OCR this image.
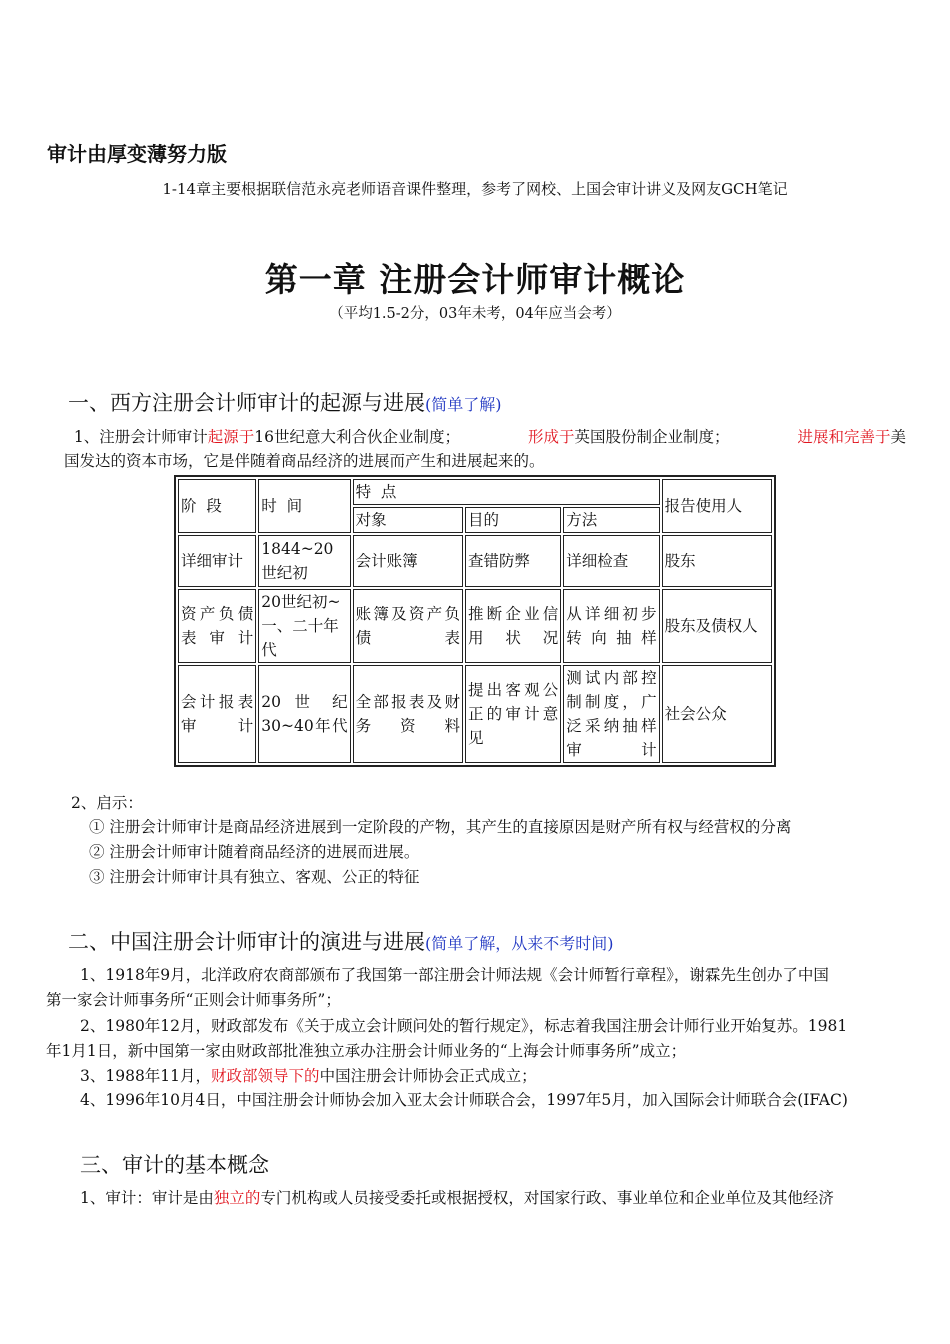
审计由厚变薄努力版
1-14章主要根据联信范永亮老师语音课件整理，参考了网校、上国会审计讲义及网友GCH笔记
第一章 注册会计师审计概论
（平均1.5-2分，03年未考，04年应当会考）
一、西方注册会计师审计的起源与进展(简单了解)
1、注册会计师审计起源于16世纪意大利合伙企业制度；	形成于英国股份制企业制度；	进展和完善于美
国发达的资本市场，它是伴随着商品经济的进展而产生和进展起来的。
阶  段	时  间	特  点			报告使用人
		对象	目的	方法	
详细审计	1844~20 世纪初	会计账簿	查错防弊	详细检查	股东
资产负债表审计	20世纪初~一、二十年代	账簿及资产负债表	推断企业信用状况	从详细初步转向抽样	股东及债权人
会计报表审计	20 世 纪30~40年代	全部报表及财务资料	提出客观公正的审计意见	测试内部控制制度，广泛采纳抽样审计	社会公众
2、启示：
① 注册会计师审计是商品经济进展到一定阶段的产物，其产生的直接原因是财产所有权与经营权的分离
② 注册会计师审计随着商品经济的进展而进展。
③ 注册会计师审计具有独立、客观、公正的特征
二、中国注册会计师审计的演进与进展(简单了解，从来不考时间)
1、1918年9月，北洋政府农商部颁布了我国第一部注册会计师法规《会计师暂行章程》，谢霖先生创办了中国
第一家会计师事务所“正则会计师事务所”；
2、1980年12月，财政部发布《关于成立会计顾问处的暂行规定》，标志着我国注册会计师行业开始复苏。1981
年1月1日，新中国第一家由财政部批准独立承办注册会计师业务的“上海会计师事务所”成立；
3、1988年11月，财政部领导下的中国注册会计师协会正式成立；
4、1996年10月4日，中国注册会计师协会加入亚太会计师联合会，1997年5月，加入国际会计师联合会(IFAC)
三、审计的基本概念
1、审计：审计是由独立的专门机构或人员接受委托或根据授权，对国家行政、事业单位和企业单位及其他经济
